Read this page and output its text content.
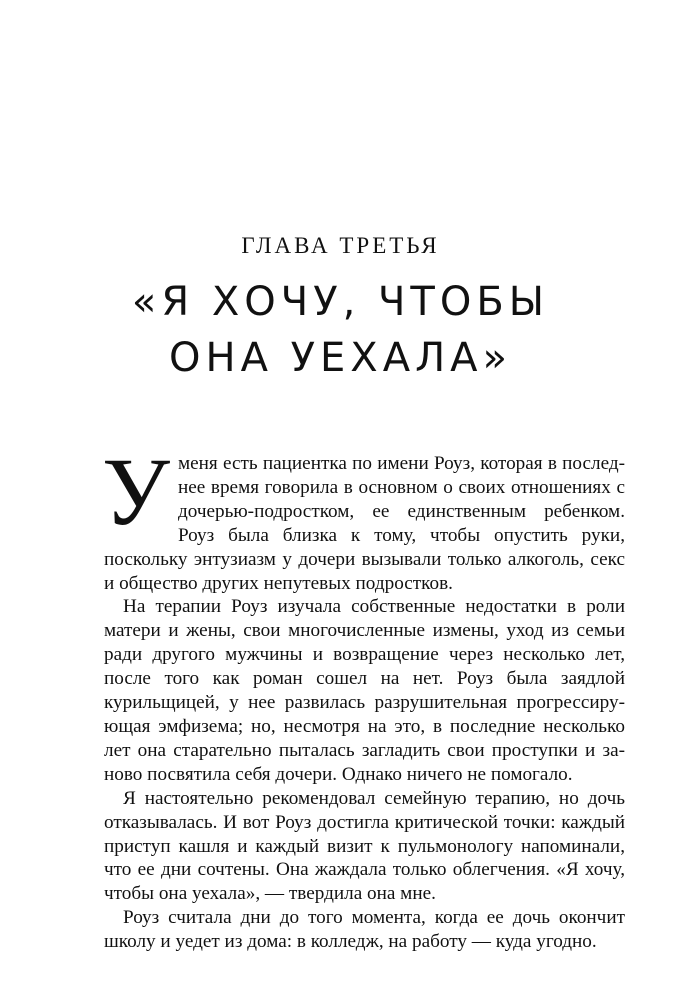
ГЛАВА ТРЕТЬЯ
«Я ХОЧУ, ЧТОБЫ
ОНА УЕХАЛА»

Уменя есть пациентка по имени Роуз, которая в последнее время говорила в основном о своих отношениях с дочерью-подростком, ее единственным ребенком. Роуз была близка к тому, чтобы опустить руки, поскольку энтузиазм у дочери вызывали только алкоголь, секс и общество других непутевых подростков.

На терапии Роуз изучала собственные недостатки в роли матери и жены, свои многочисленные измены, уход из семьи ради другого мужчины и возвращение через несколько лет, после того как роман сошел на нет. Роуз была заядлой курильщицей, у нее развилась разрушительная прогрессирующая эмфизема; но, несмотря на это, в последние несколько лет она старательно пыталась загладить свои проступки и заново посвятила себя дочери. Однако ничего не помогало.

Я настоятельно рекомендовал семейную терапию, но дочь отказывалась. И вот Роуз достигла критической точки: каждый приступ кашля и каждый визит к пульмонологу напоминали, что ее дни сочтены. Она жаждала только облегчения. «Я хочу, чтобы она уехала», — твердила она мне.

Роуз считала дни до того момента, когда ее дочь окончит школу и уедет из дома: в колледж, на работу — куда угодно.
